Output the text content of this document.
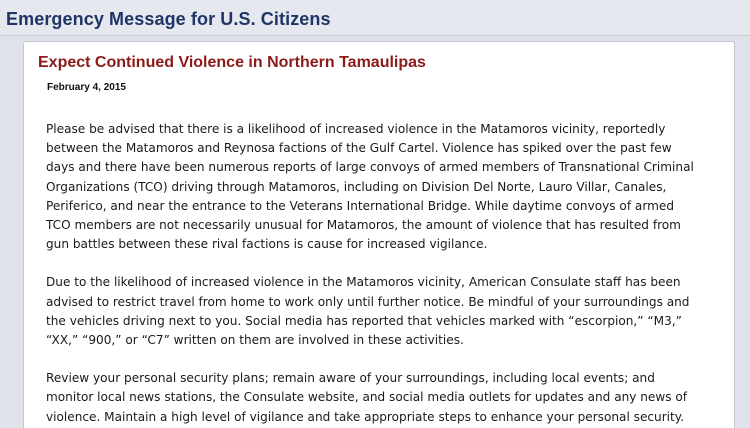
Emergency Message for U.S. Citizens
Expect Continued Violence in Northern Tamaulipas
February 4, 2015

Please be advised that there is a likelihood of increased violence in the Matamoros vicinity, reportedly
between the Matamoros and Reynosa factions of the Gulf Cartel. Violence has spiked over the past few
days and there have been numerous reports of large convoys of armed members of Transnational Criminal
Organizations (TCO) driving through Matamoros, including on Division Del Norte, Lauro Villar, Canales,
Periferico, and near the entrance to the Veterans International Bridge. While daytime convoys of armed
TCO members are not necessarily unusual for Matamoros, the amount of violence that has resulted from
gun battles between these rival factions is cause for increased vigilance.

Due to the likelihood of increased violence in the Matamoros vicinity, American Consulate staff has been
advised to restrict travel from home to work only until further notice. Be mindful of your surroundings and
the vehicles driving next to you. Social media has reported that vehicles marked with “escorpion,” “M3,”
“XX,” “900,” or “C7” written on them are involved in these activities.

Review your personal security plans; remain aware of your surroundings, including local events; and
monitor local news stations, the Consulate website, and social media outlets for updates and any news of
violence. Maintain a high level of vigilance and take appropriate steps to enhance your personal security.
